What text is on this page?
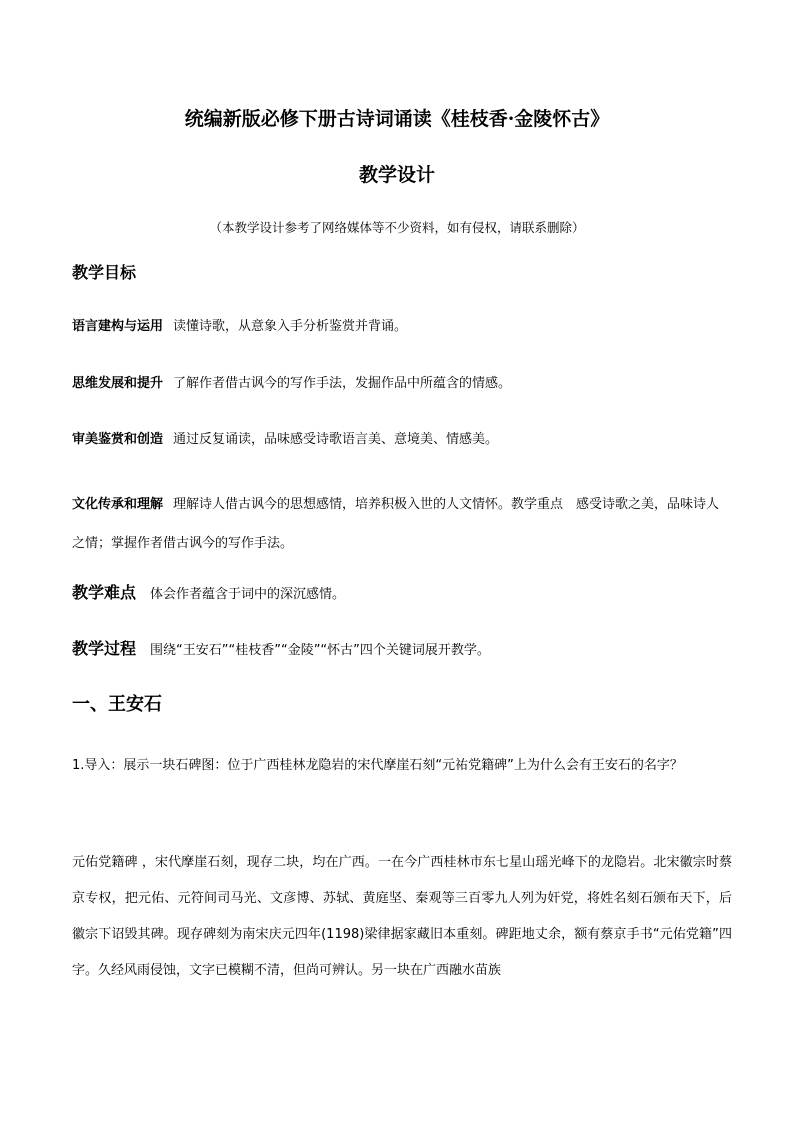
统编新版必修下册古诗词诵读《桂枝香·金陵怀古》
教学设计
（本教学设计参考了网络媒体等不少资料，如有侵权，请联系删除）
教学目标
语言建构与运用 读懂诗歌，从意象入手分析鉴赏并背诵。
思维发展和提升 了解作者借古讽今的写作手法，发掘作品中所蕴含的情感。
审美鉴赏和创造 通过反复诵读，品味感受诗歌语言美、意境美、情感美。
文化传承和理解 理解诗人借古讽今的思想感情，培养积极入世的人文情怀。教学重点　感受诗歌之美，品味诗人之情；掌握作者借古讽今的写作手法。
教学难点 体会作者蕴含于词中的深沉感情。
教学过程 围绕“王安石”“桂枝香”“金陵”“怀古”四个关键词展开教学。
一、王安石
1.导入：展示一块石碑图：位于广西桂林龙隐岩的宋代摩崖石刻“元祐党籍碑”上为什么会有王安石的名字？
元佑党籍碑 ，宋代摩崖石刻，现存二块，均在广西。一在今广西桂林市东七星山瑶光峰下的龙隐岩。北宋徽宗时蔡京专权，把元佑、元符间司马光、文彦博、苏轼、黄庭坚、秦观等三百零九人列为奸党，将姓名刻石颁布天下，后徽宗下诏毁其碑。现存碑刻为南宋庆元四年(1198)梁律据家藏旧本重刻。碑距地丈余，额有蔡京手书“元佑党籍”四字。久经风雨侵蚀，文字已模糊不清，但尚可辨认。另一块在广西融水苗族
